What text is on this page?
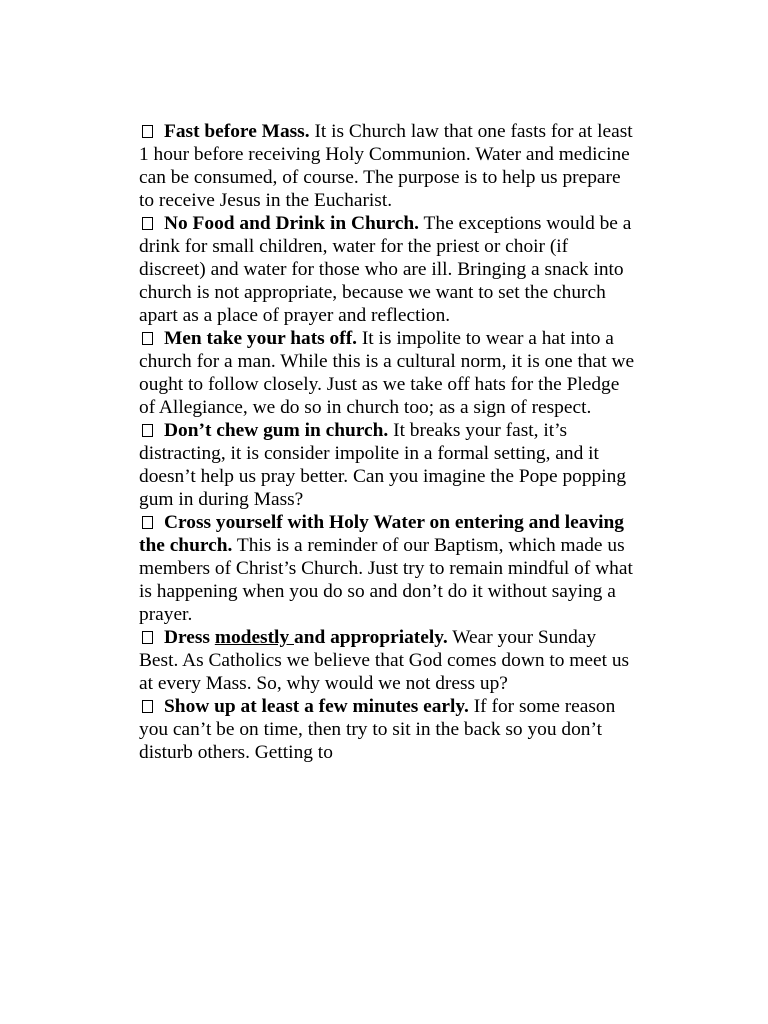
Fast before Mass. It is Church law that one fasts for at least 1 hour before receiving Holy Communion. Water and medicine can be consumed, of course. The purpose is to help us prepare to receive Jesus in the Eucharist.

No Food and Drink in Church. The exceptions would be a drink for small children, water for the priest or choir (if discreet) and water for those who are ill. Bringing a snack into church is not appropriate, because we want to set the church apart as a place of prayer and reflection.

Men take your hats off. It is impolite to wear a hat into a church for a man. While this is a cultural norm, it is one that we ought to follow closely. Just as we take off hats for the Pledge of Allegiance, we do so in church too; as a sign of respect.

Don’t chew gum in church. It breaks your fast, it’s distracting, it is consider impolite in a formal setting, and it doesn’t help us pray better. Can you imagine the Pope popping gum in during Mass?

Cross yourself with Holy Water on entering and leaving the church. This is a reminder of our Baptism, which made us members of Christ’s Church. Just try to remain mindful of what is happening when you do so and don’t do it without saying a prayer.

Dress modestly and appropriately. Wear your Sunday Best. As Catholics we believe that God comes down to meet us at every Mass. So, why would we not dress up?

Show up at least a few minutes early. If for some reason you can’t be on time, then try to sit in the back so you don’t disturb others. Getting to
